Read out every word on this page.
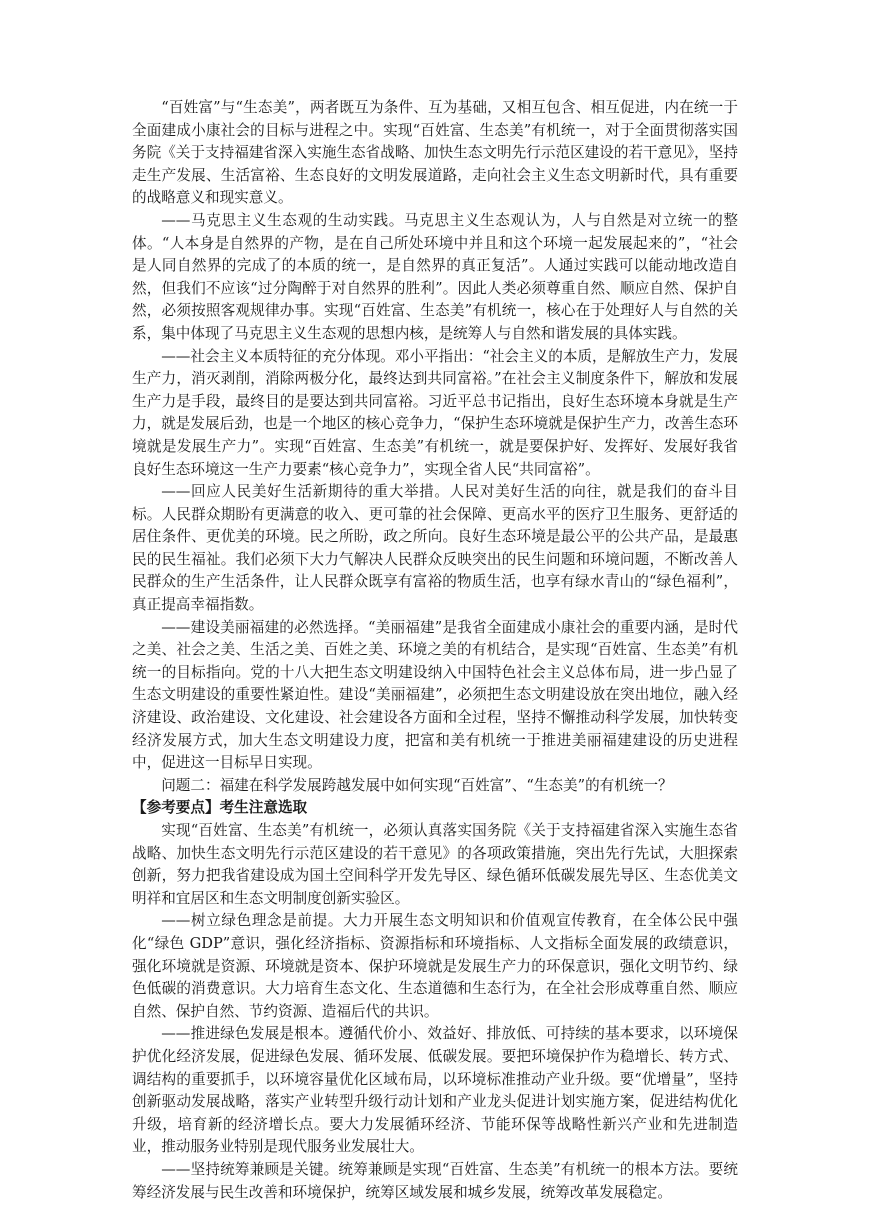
“百姓富”与“生态美”，两者既互为条件、互为基础，又相互包含、相互促进，内在统一于全面建成小康社会的目标与进程之中。实现“百姓富、生态美”有机统一，对于全面贯彻落实国务院《关于支持福建省深入实施生态省战略、加快生态文明先行示范区建设的若干意见》，坚持走生产发展、生活富裕、生态良好的文明发展道路，走向社会主义生态文明新时代，具有重要的战略意义和现实意义。

——马克思主义生态观的生动实践。马克思主义生态观认为，人与自然是对立统一的整体。“人本身是自然界的产物，是在自己所处环境中并且和这个环境一起发展起来的”，“社会是人同自然界的完成了的本质的统一，是自然界的真正复活”。人通过实践可以能动地改造自然，但我们不应该“过分陶醉于对自然界的胜利”。因此人类必须尊重自然、顺应自然、保护自然，必须按照客观规律办事。实现“百姓富、生态美”有机统一，核心在于处理好人与自然的关系，集中体现了马克思主义生态观的思想内核，是统筹人与自然和谐发展的具体实践。

——社会主义本质特征的充分体现。邓小平指出：“社会主义的本质，是解放生产力，发展生产力，消灭剥削，消除两极分化，最终达到共同富裕。”在社会主义制度条件下，解放和发展生产力是手段，最终目的是要达到共同富裕。习近平总书记指出，良好生态环境本身就是生产力，就是发展后劲，也是一个地区的核心竞争力，“保护生态环境就是保护生产力，改善生态环境就是发展生产力”。实现“百姓富、生态美”有机统一，就是要保护好、发挥好、发展好我省良好生态环境这一生产力要素“核心竞争力”，实现全省人民“共同富裕”。

——回应人民美好生活新期待的重大举措。人民对美好生活的向往，就是我们的奋斗目标。人民群众期盼有更满意的收入、更可靠的社会保障、更高水平的医疗卫生服务、更舒适的居住条件、更优美的环境。民之所盼，政之所向。良好生态环境是最公平的公共产品，是最惠民的民生福祉。我们必须下大力气解决人民群众反映突出的民生问题和环境问题，不断改善人民群众的生产生活条件，让人民群众既享有富裕的物质生活，也享有绿水青山的“绿色福利”，真正提高幸福指数。

——建设美丽福建的必然选择。“美丽福建”是我省全面建成小康社会的重要内涵，是时代之美、社会之美、生活之美、百姓之美、环境之美的有机结合，是实现“百姓富、生态美”有机统一的目标指向。党的十八大把生态文明建设纳入中国特色社会主义总体布局，进一步凸显了生态文明建设的重要性紧迫性。建设“美丽福建”，必须把生态文明建设放在突出地位，融入经济建设、政治建设、文化建设、社会建设各方面和全过程，坚持不懈推动科学发展，加快转变经济发展方式，加大生态文明建设力度，把富和美有机统一于推进美丽福建建设的历史进程中，促进这一目标早日实现。

问题二：福建在科学发展跨越发展中如何实现“百姓富”、“生态美”的有机统一？

【参考要点】考生注意选取

实现“百姓富、生态美”有机统一，必须认真落实国务院《关于支持福建省深入实施生态省战略、加快生态文明先行示范区建设的若干意见》的各项政策措施，突出先行先试，大胆探索创新，努力把我省建设成为国土空间科学开发先导区、绿色循环低碳发展先导区、生态优美文明祥和宜居区和生态文明制度创新实验区。

——树立绿色理念是前提。大力开展生态文明知识和价值观宣传教育，在全体公民中强化“绿色 GDP”意识，强化经济指标、资源指标和环境指标、人文指标全面发展的政绩意识，强化环境就是资源、环境就是资本、保护环境就是发展生产力的环保意识，强化文明节约、绿色低碳的消费意识。大力培育生态文化、生态道德和生态行为，在全社会形成尊重自然、顺应自然、保护自然、节约资源、造福后代的共识。

——推进绿色发展是根本。遵循代价小、效益好、排放低、可持续的基本要求，以环境保护优化经济发展，促进绿色发展、循环发展、低碳发展。要把环境保护作为稳增长、转方式、调结构的重要抓手，以环境容量优化区域布局，以环境标准推动产业升级。要“优增量”，坚持创新驱动发展战略，落实产业转型升级行动计划和产业龙头促进计划实施方案，促进结构优化升级，培育新的经济增长点。要大力发展循环经济、节能环保等战略性新兴产业和先进制造业，推动服务业特别是现代服务业发展壮大。

——坚持统筹兼顾是关键。统筹兼顾是实现“百姓富、生态美”有机统一的根本方法。要统筹经济发展与民生改善和环境保护，统筹区域发展和城乡发展，统筹改革发展稳定。
